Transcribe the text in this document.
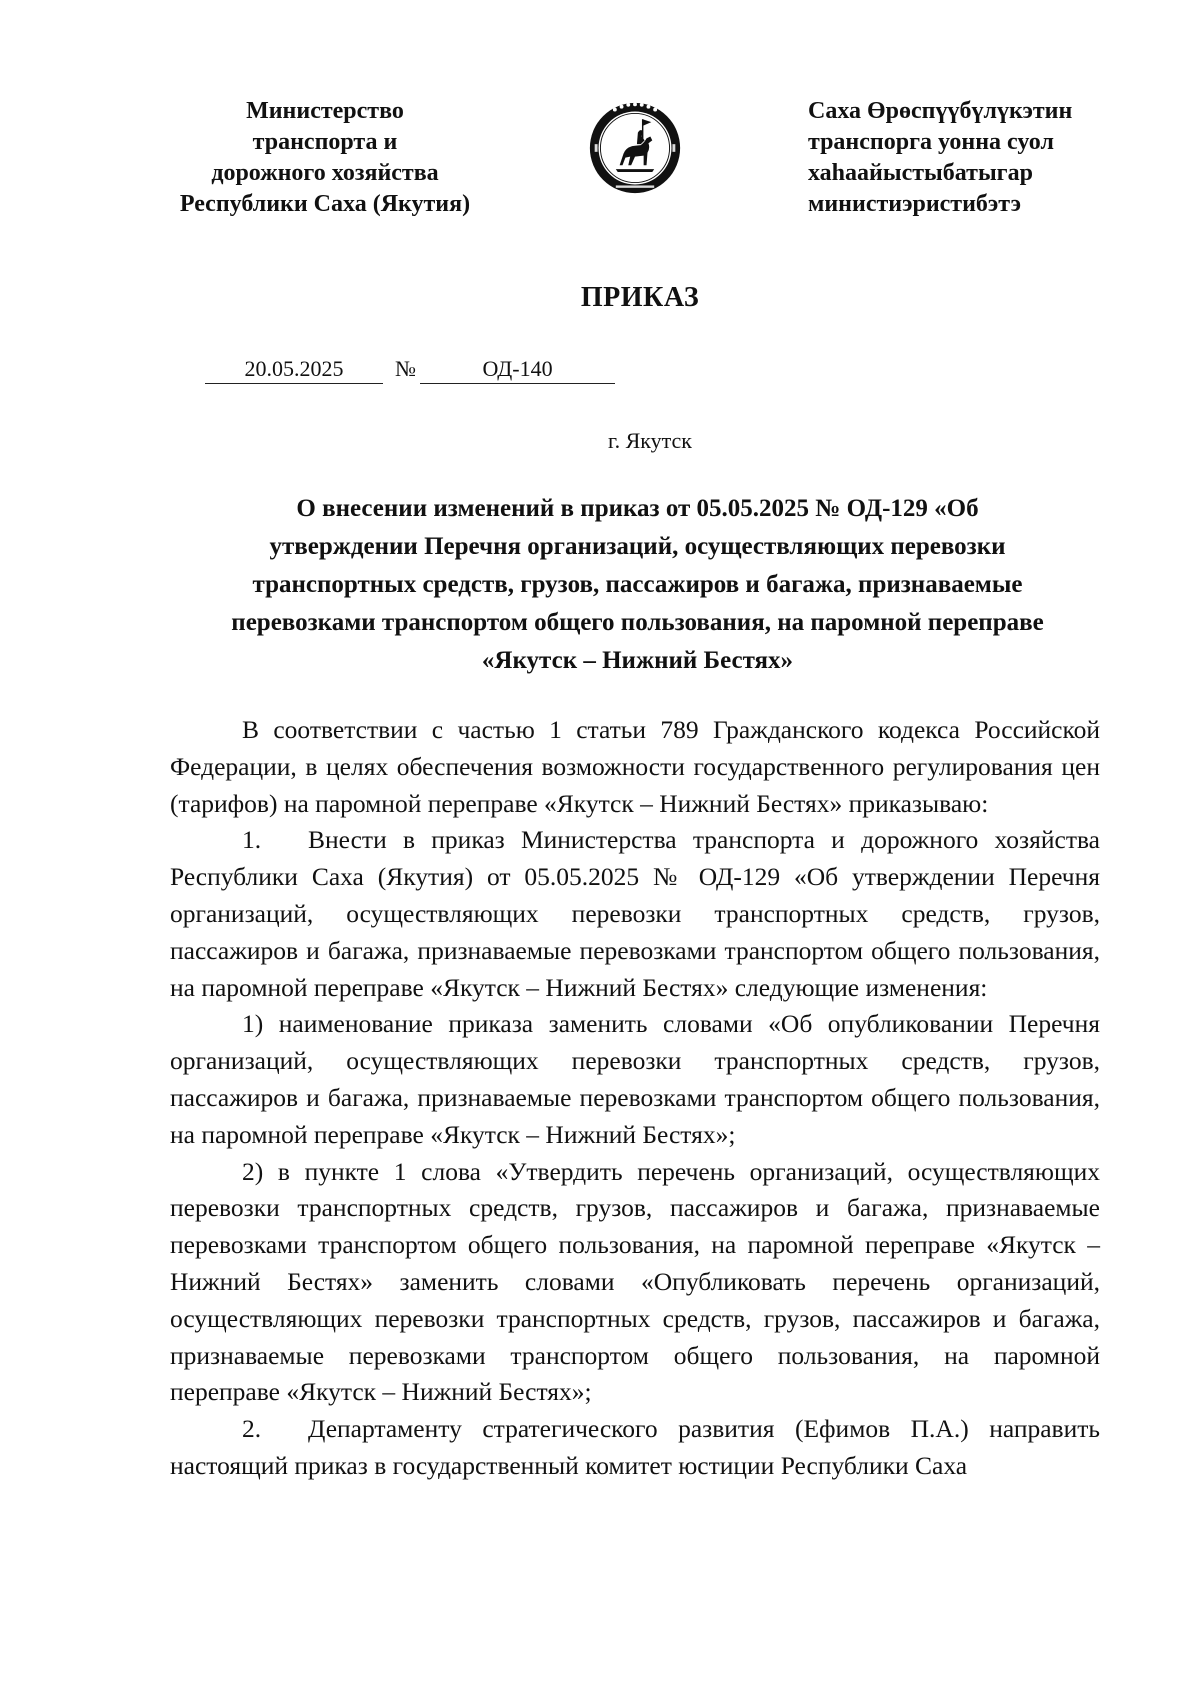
Министерство
транспорта и
дорожного хозяйства
Республики Саха (Якутия)
Саха Өрөспүүбүлүкэтин
транспорга уонна суол
хаһаайыстыбатыгар
министиэристибэтэ
ПРИКАЗ
20.05.2025	№	ОД-140
г. Якутск
О внесении изменений в приказ от 05.05.2025 № ОД-129 «Об
утверждении Перечня организаций, осуществляющих перевозки
транспортных средств, грузов, пассажиров и багажа, признаваемые
перевозками транспортом общего пользования, на паромной переправе
«Якутск – Нижний Бестях»

В соответствии с частью 1 статьи 789 Гражданского кодекса Российской Федерации, в целях обеспечения возможности государственного регулирования цен (тарифов) на паромной переправе «Якутск – Нижний Бестях» приказываю:

1. Внести в приказ Министерства транспорта и дорожного хозяйства Республики Саха (Якутия) от 05.05.2025 № ОД-129 «Об утверждении Перечня организаций, осуществляющих перевозки транспортных средств, грузов, пассажиров и багажа, признаваемые перевозками транспортом общего пользования, на паромной переправе «Якутск – Нижний Бестях» следующие изменения:

1) наименование приказа заменить словами «Об опубликовании Перечня организаций, осуществляющих перевозки транспортных средств, грузов, пассажиров и багажа, признаваемые перевозками транспортом общего пользования, на паромной переправе «Якутск – Нижний Бестях»;

2) в пункте 1 слова «Утвердить перечень организаций, осуществляющих перевозки транспортных средств, грузов, пассажиров и багажа, признаваемые перевозками транспортом общего пользования, на паромной переправе «Якутск – Нижний Бестях» заменить словами «Опубликовать перечень организаций, осуществляющих перевозки транспортных средств, грузов, пассажиров и багажа, признаваемые перевозками транспортом общего пользования, на паромной переправе «Якутск – Нижний Бестях»;

2. Департаменту стратегического развития (Ефимов П.А.) направить настоящий приказ в государственный комитет юстиции Республики Саха
